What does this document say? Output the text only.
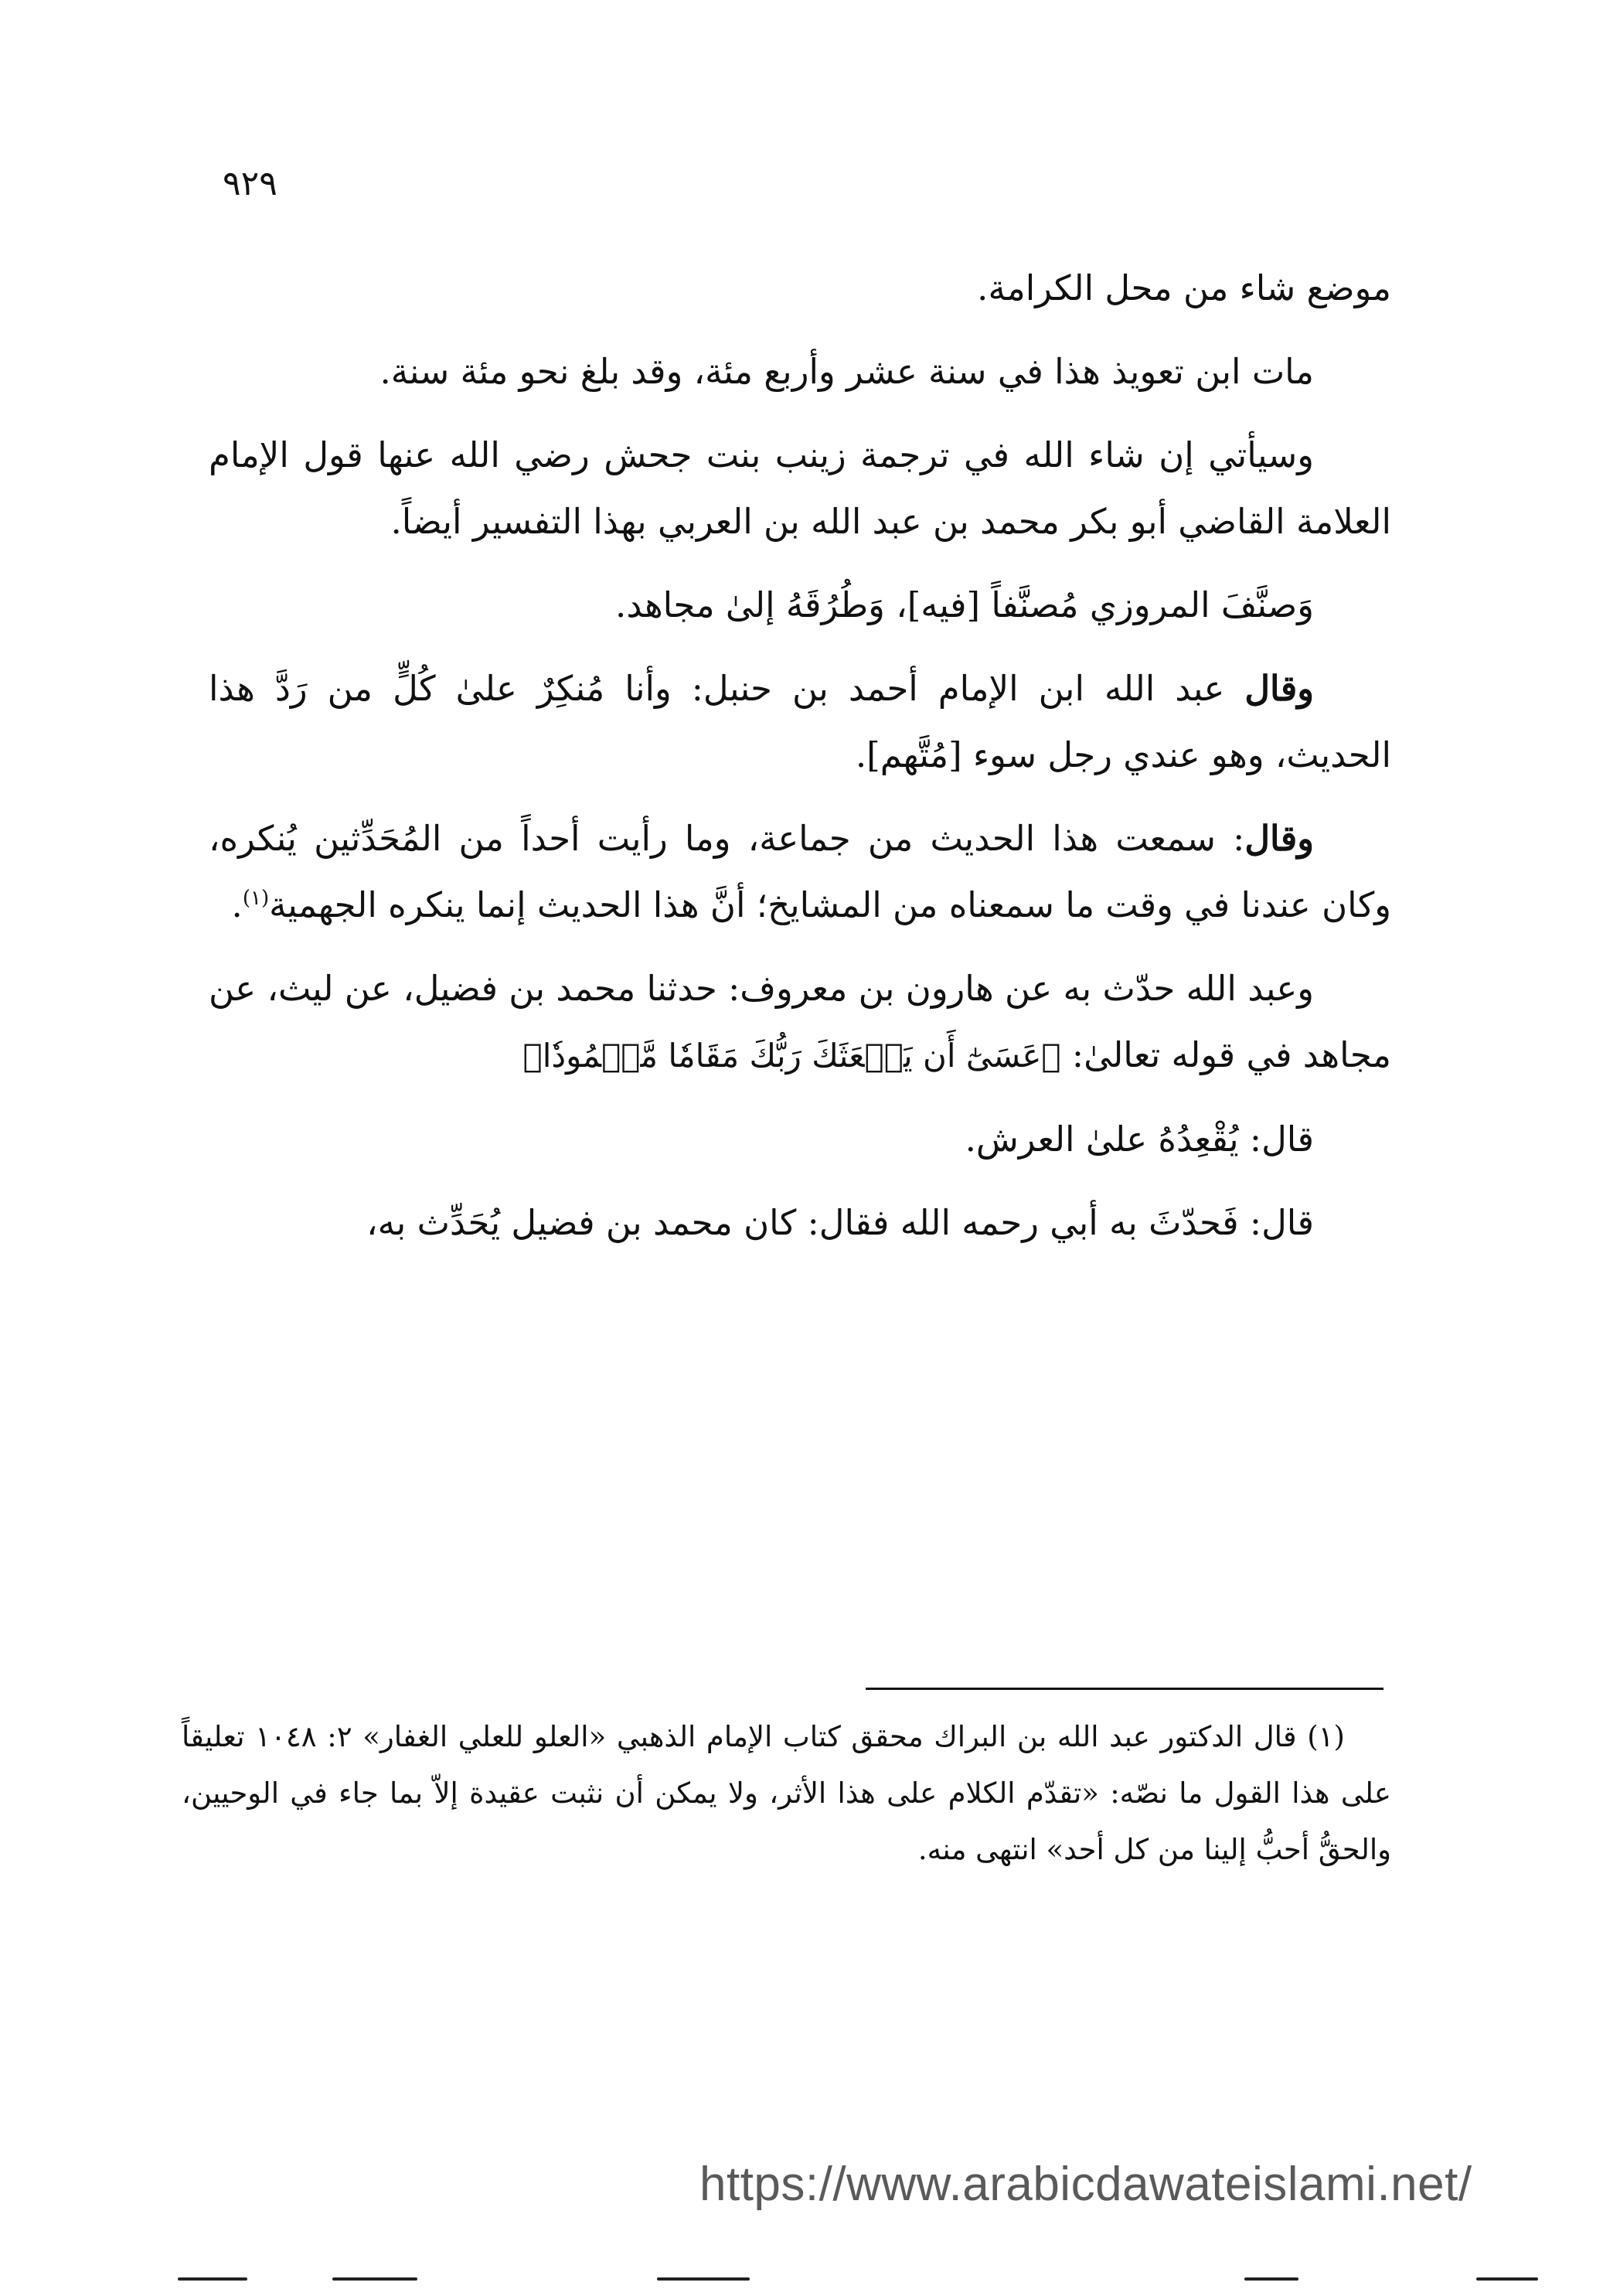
٩٢٩

موضع شاء من محل الكرامة.

مات ابن تعويذ هذا في سنة عشر وأربع مئة، وقد بلغ نحو مئة سنة.

وسيأتي إن شاء الله في ترجمة زينب بنت جحش رضي الله عنها قول الإمام العلامة القاضي أبو بكر محمد بن عبد الله بن العربي بهذا التفسير أيضاً.

وَصنَّفَ المروزي مُصنَّفاً [فيه]، وَطُرُقَهُ إلىٰ مجاهد.

وقال عبد الله ابن الإمام أحمد بن حنبل: وأنا مُنكِرٌ علىٰ كُلٍّ من رَدَّ هذا الحديث، وهو عندي رجل سوء [مُتَّهم].

وقال: سمعت هذا الحديث من جماعة، وما رأيت أحداً من المُحَدِّثين يُنكره، وكان عندنا في وقت ما سمعناه من المشايخ؛ أنَّ هذا الحديث إنما ينكره الجهمية$^{(١)}$.

وعبد الله حدّث به عن هارون بن معروف: حدثنا محمد بن فضيل، عن ليث، عن مجاهد في قوله تعالىٰ: ﴿عَسَىٰٓ أَن يَبۡعَثَكَ رَبُّكَ مَقَامٗا مَّحۡمُودٗا﴾

قال: يُقْعِدُهُ علىٰ العرش.

قال: فَحدّثَ به أبي رحمه الله فقال: كان محمد بن فضيل يُحَدِّث به،

(١) قال الدكتور عبد الله بن البراك محقق كتاب الإمام الذهبي «العلو للعلي الغفار» ٢: ١٠٤٨ تعليقاً على هذا القول ما نصّه: «تقدّم الكلام على هذا الأثر، ولا يمكن أن نثبت عقيدة إلاّ بما جاء في الوحيين، والحقُّ أحبُّ إلينا من كل أحد» انتهى منه.

https://www.arabicdawateislami.net/
